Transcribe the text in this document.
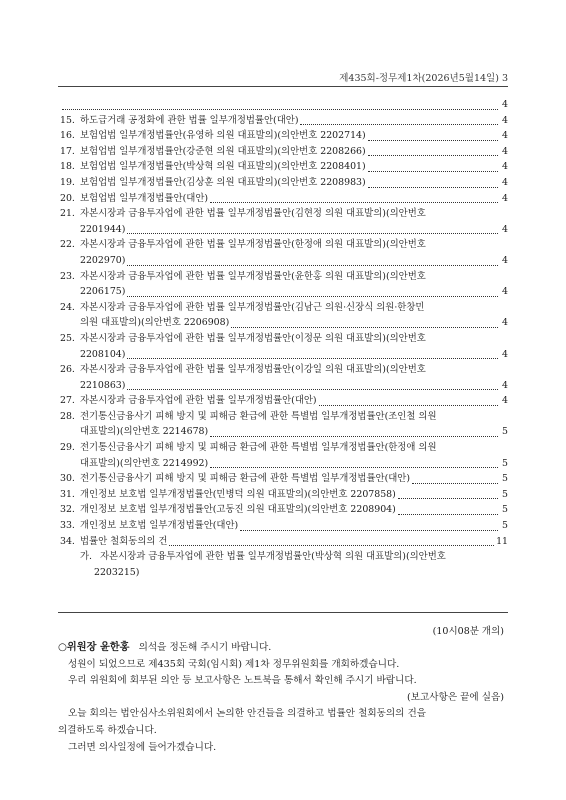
제435회-정무제1차(2026년5월14일) 3
4
15. 하도급거래 공정화에 관한 법률 일부개정법률안(대안)	4
16. 보험업법 일부개정법률안(유영하 의원 대표발의)(의안번호 2202714)	4
17. 보험업법 일부개정법률안(강준현 의원 대표발의)(의안번호 2208266)	4
18. 보험업법 일부개정법률안(박상혁 의원 대표발의)(의안번호 2208401)	4
19. 보험업법 일부개정법률안(김상훈 의원 대표발의)(의안번호 2208983)	4
20. 보험업법 일부개정법률안(대안)	4
21. 자본시장과 금융투자업에 관한 법률 일부개정법률안(김현정 의원 대표발의)(의안번호
2201944)	4
22. 자본시장과 금융투자업에 관한 법률 일부개정법률안(한정애 의원 대표발의)(의안번호
2202970)	4
23. 자본시장과 금융투자업에 관한 법률 일부개정법률안(윤한홍 의원 대표발의)(의안번호
2206175)	4
24. 자본시장과 금융투자업에 관한 법률 일부개정법률안(김남근 의원·신장식 의원·한창민
의원 대표발의)(의안번호 2206908)	4
25. 자본시장과 금융투자업에 관한 법률 일부개정법률안(이정문 의원 대표발의)(의안번호
2208104)	4
26. 자본시장과 금융투자업에 관한 법률 일부개정법률안(이강일 의원 대표발의)(의안번호
2210863)	4
27. 자본시장과 금융투자업에 관한 법률 일부개정법률안(대안)	4
28. 전기통신금융사기 피해 방지 및 피해금 환급에 관한 특별법 일부개정법률안(조인철 의원
대표발의)(의안번호 2214678)	5
29. 전기통신금융사기 피해 방지 및 피해금 환급에 관한 특별법 일부개정법률안(한정애 의원
대표발의)(의안번호 2214992)	5
30. 전기통신금융사기 피해 방지 및 피해금 환급에 관한 특별법 일부개정법률안(대안)	5
31. 개인정보 보호법 일부개정법률안(민병덕 의원 대표발의)(의안번호 2207858)	5
32. 개인정보 보호법 일부개정법률안(고동진 의원 대표발의)(의안번호 2208904)	5
33. 개인정보 보호법 일부개정법률안(대안)	5
34. 법률안 철회동의의 건	11
가. 자본시장과 금융투자업에 관한 법률 일부개정법률안(박상혁 의원 대표발의)(의안번호
2203215)
(10시08분 개의)
○위원장 윤한홍 의석을 정돈해 주시기 바랍니다.
성원이 되었으므로 제435회 국회(임시회) 제1차 정무위원회를 개회하겠습니다.
우리 위원회에 회부된 의안 등 보고사항은 노트북을 통해서 확인해 주시기 바랍니다.
(보고사항은 끝에 실음)
오늘 회의는 법안심사소위원회에서 논의한 안건들을 의결하고 법률안 철회동의의 건을
의결하도록 하겠습니다.
그러면 의사일정에 들어가겠습니다.
